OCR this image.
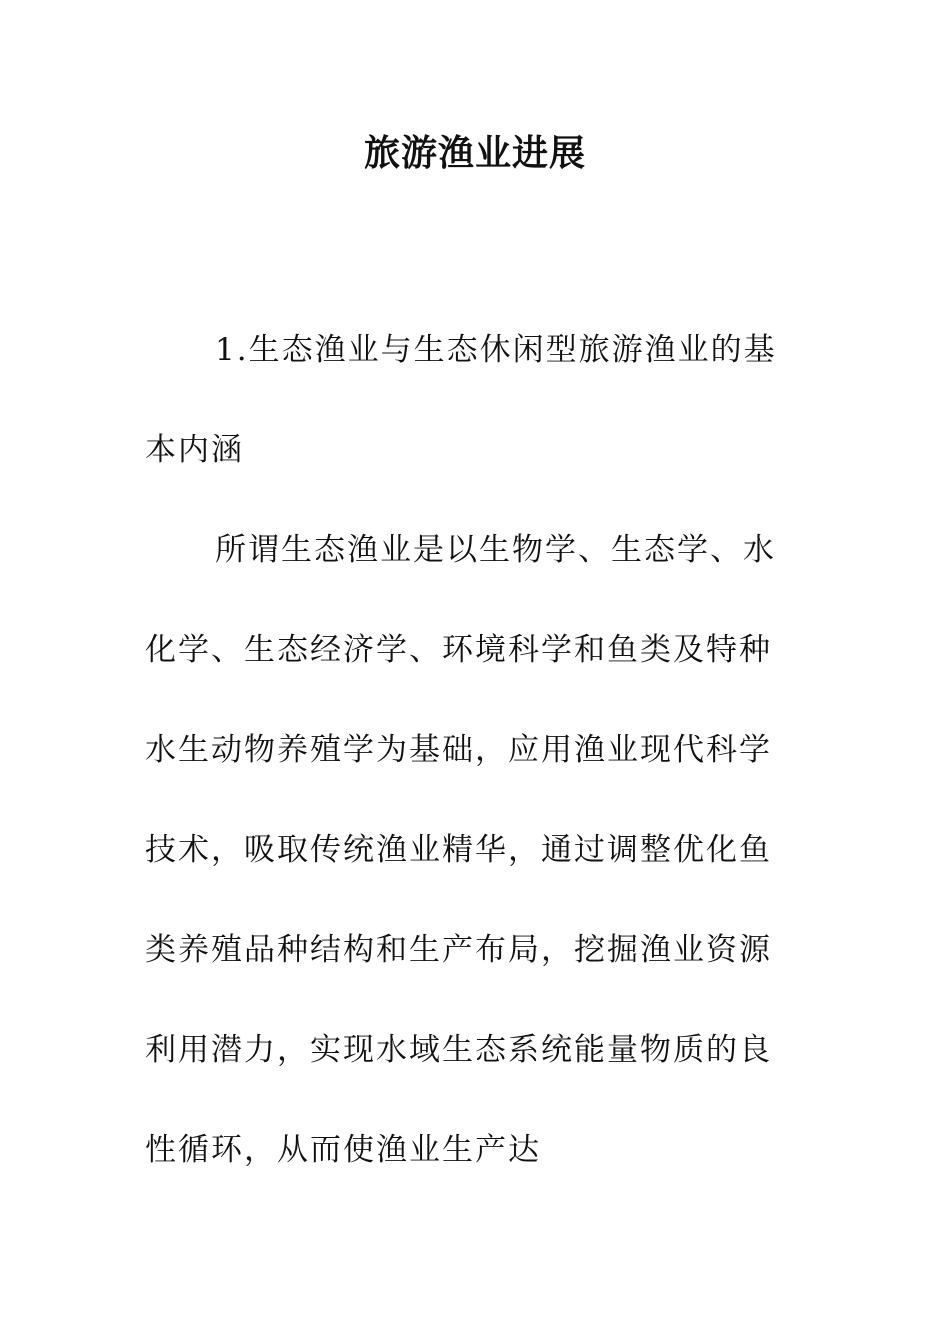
旅游渔业进展

1.生态渔业与生态休闲型旅游渔业的基本内涵

所谓生态渔业是以生物学、生态学、水化学、生态经济学、环境科学和鱼类及特种水生动物养殖学为基础，应用渔业现代科学技术，吸取传统渔业精华，通过调整优化鱼类养殖品种结构和生产布局，挖掘渔业资源利用潜力，实现水域生态系统能量物质的良性循环，从而使渔业生产达
